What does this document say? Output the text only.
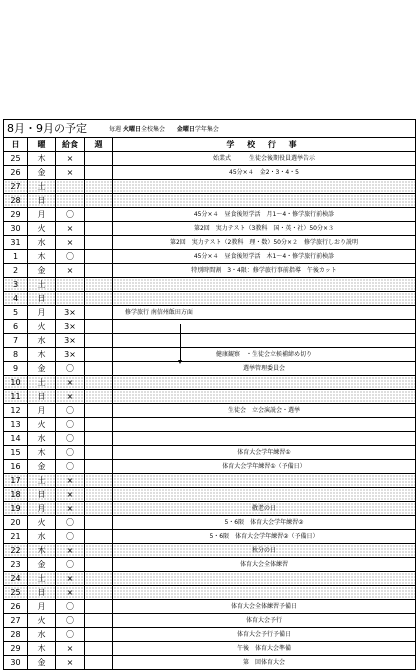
8月・9月の予定	毎週 火曜日全校集会 金曜日学年集会
日	曜	給食	週	学 校 行 事
25	木	×		始業式　　　生徒会後期役員選挙告示
26	金	×		45分×４　金2・3・4・5
27	土			
28	日			
29	月	〇		45分×４　昼食後短学活　月1～4・修学旅行前検診
30	火	×		第2回　実力テスト（3教科　国・英・社）50分×３
31	水	×		第2回　実力テスト（2教科　理・数）50分×２　修学旅行しおり説明
1	木	〇		45分×４　昼食後短学活　木1～4・修学旅行前検診
2	金	×		特別時間割　3・4限：修学旅行事前指導　午後カット
3	土			
4	日			
5	月	3×		修学旅行 南信州飯田方面
6	火	3×		
7	水	3×		
8	木	3×		健康観察　・生徒会立候補締め切り
9	金	〇		選挙管理委員会
10	土	×		
11	日	×		
12	月	〇		生徒会　立会演説会・選挙
13	火	〇		
14	水	〇		
15	木	〇		体育大会学年練習①
16	金	〇		体育大会学年練習①（予備日）
17	土	×		
18	日	×		
19	月	×		敬老の日
20	火	〇		5・6限　体育大会学年練習②
21	水	〇		5・6限　体育大会学年練習②（予備日）
22	木	×		秋分の日
23	金	〇		体育大会全体練習
24	土	×		
25	日	×		
26	月	〇		体育大会全体練習予備日
27	火	〇		体育大会予行
28	水	〇		体育大会予行予備日
29	木	×		午後　体育大会準備
30	金	×		第　回体育大会
